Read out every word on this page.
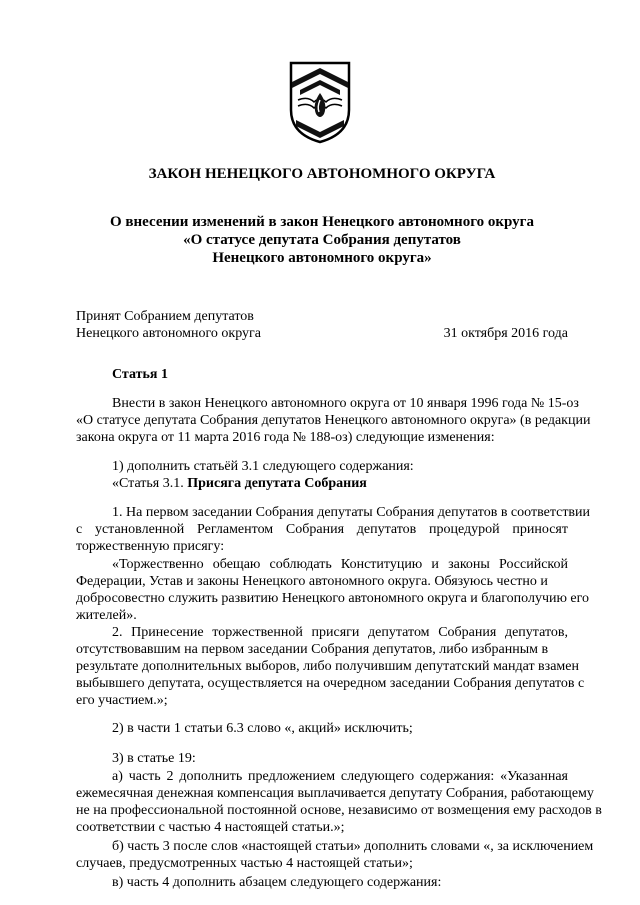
ЗАКОН НЕНЕЦКОГО АВТОНОМНОГО ОКРУГА
О внесении изменений в закон Ненецкого автономного округа
«О статусе депутата Собрания депутатов
Ненецкого автономного округа»
Принят Собранием депутатов
Ненецкого автономного округа	31 октября 2016 года
Статья 1
Внести в закон Ненецкого автономного округа от 10 января 1996 года № 15-оз
«О статусе депутата Собрания депутатов Ненецкого автономного округа» (в редакции
закона округа от 11 марта 2016 года № 188-оз) следующие изменения:
1) дополнить статьёй 3.1 следующего содержания:
«Статья 3.1. Присяга депутата Собрания
1. На первом заседании Собрания депутаты Собрания депутатов в соответствии
с установленной Регламентом Собрания депутатов процедурой приносят
торжественную присягу:
«Торжественно обещаю соблюдать Конституцию и законы Российской
Федерации, Устав и законы Ненецкого автономного округа. Обязуюсь честно и
добросовестно служить развитию Ненецкого автономного округа и благополучию его
жителей».
2. Принесение торжественной присяги депутатом Собрания депутатов,
отсутствовавшим на первом заседании Собрания депутатов, либо избранным в
результате дополнительных выборов, либо получившим депутатский мандат взамен
выбывшего депутата, осуществляется на очередном заседании Собрания депутатов с
его участием.»;
2) в части 1 статьи 6.3 слово «, акций» исключить;
3) в статье 19:
а) часть 2 дополнить предложением следующего содержания: «Указанная
ежемесячная денежная компенсация выплачивается депутату Собрания, работающему
не на профессиональной постоянной основе, независимо от возмещения ему расходов в
соответствии с частью 4 настоящей статьи.»;
б) часть 3 после слов «настоящей статьи» дополнить словами «, за исключением
случаев, предусмотренных частью 4 настоящей статьи»;
в) часть 4 дополнить абзацем следующего содержания:
